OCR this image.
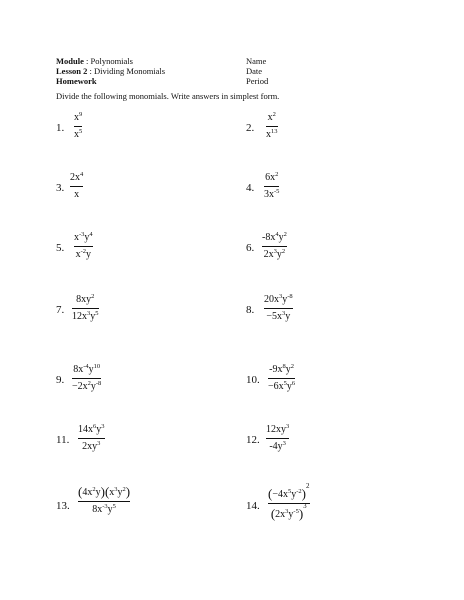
Module : Polynomials
Lesson 2 : Dividing Monomials
Homework
Name
Date
Period
Divide the following monomials. Write answers in simplest form.
1.
$x^9$
$x^5$	2.
$x^2$
$x^{13}$
3.
$2x^4$
x
4.
$6x^2$
$3x^{-5}$
5.
$x^{-3}y^4$
$x^{-2}y$
6.
$-8x^4y^2$
$2x^3y^2$
7.
$8xy^2$
$12x^3y^5$	8.
$20x^3y^{-8}$
$-5x^3y$
9.
$8x^{-4}y^{10}$
$-2x^2y^{-8}$	10.
$-9x^8y^2$
$-6x^5y^6$
11.
$14x^6y^3$
$2xy^3$	12.
$12xy^3$
$-4y^3$
13.
$(4x^2y)(x^3y^2)$
$8x^{-3}y^5$	14.
$(-4x^5y^{-2})^2$
$(2x^3y^{-5})^3$
